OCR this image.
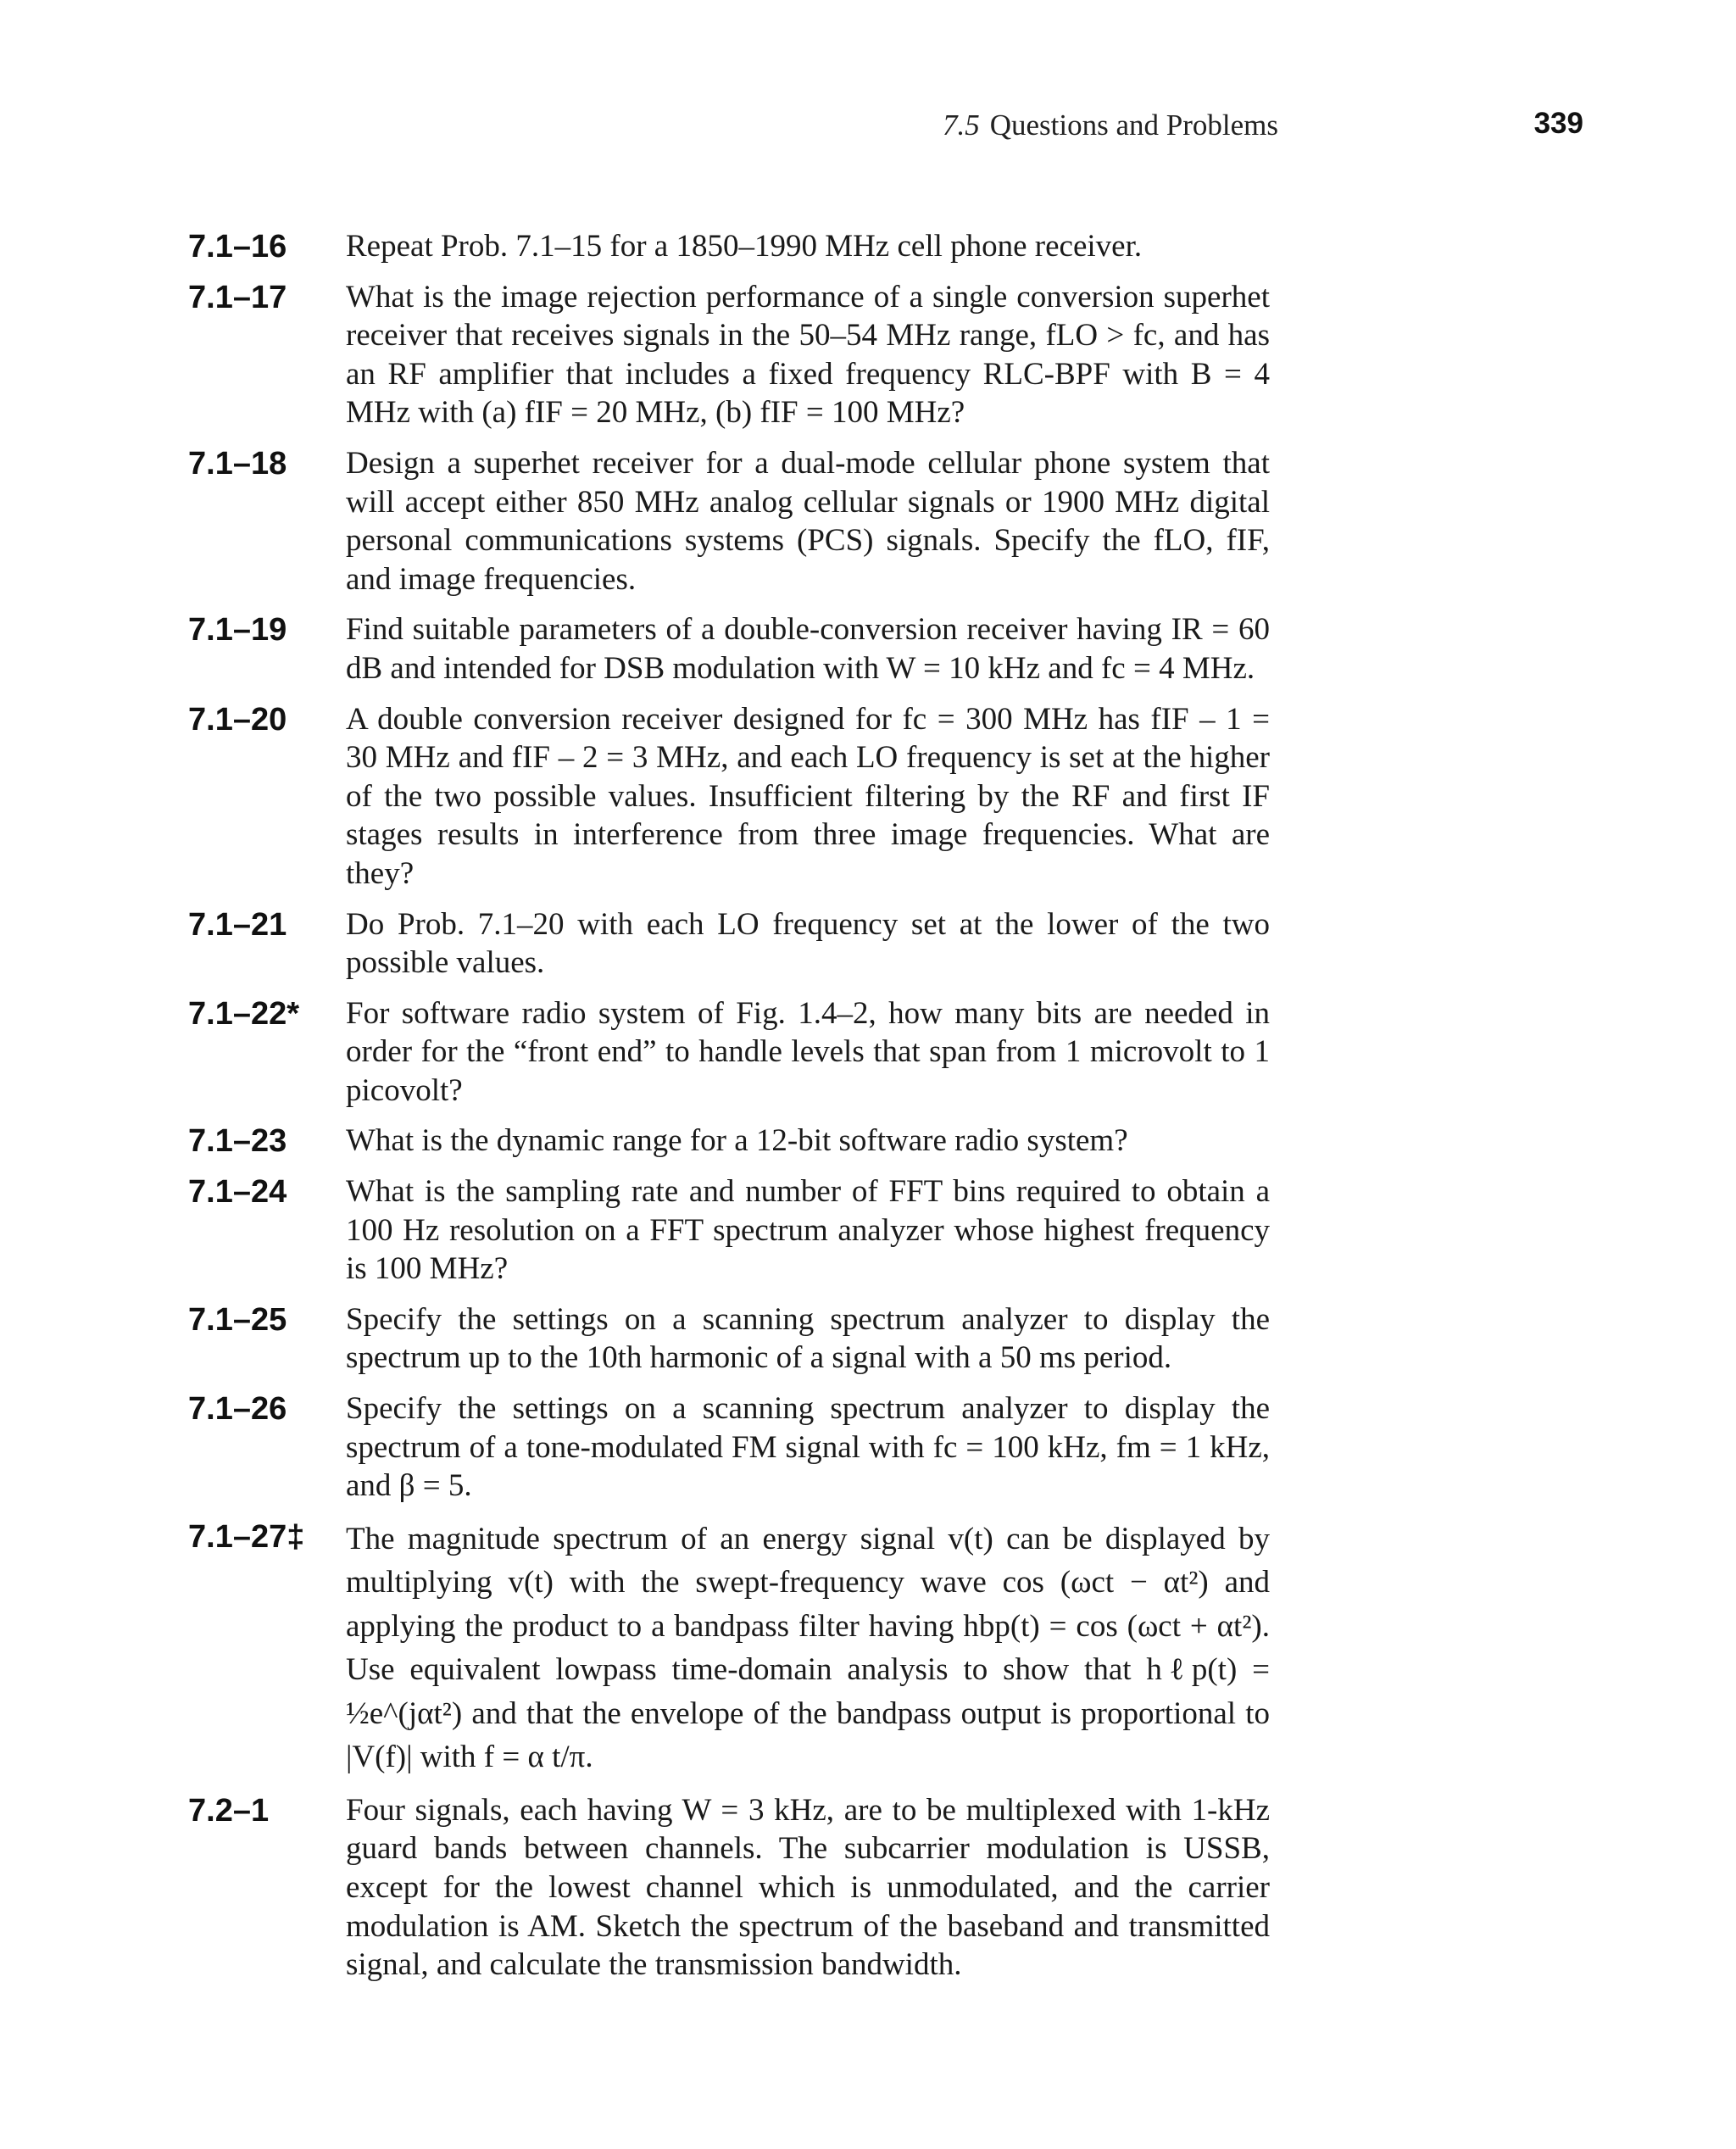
7.5 Questions and Problems	339
7.1–16 Repeat Prob. 7.1–15 for a 1850–1990 MHz cell phone receiver.
7.1–17 What is the image rejection performance of a single conversion superhet receiver that receives signals in the 50–54 MHz range, fLO > fc, and has an RF amplifier that includes a fixed frequency RLC-BPF with B = 4 MHz with (a) fIF = 20 MHz, (b) fIF = 100 MHz?
7.1–18 Design a superhet receiver for a dual-mode cellular phone system that will accept either 850 MHz analog cellular signals or 1900 MHz digital personal communications systems (PCS) signals. Specify the fLO, fIF, and image frequencies.
7.1–19 Find suitable parameters of a double-conversion receiver having IR = 60 dB and intended for DSB modulation with W = 10 kHz and fc = 4 MHz.
7.1–20 A double conversion receiver designed for fc = 300 MHz has fIF – 1 = 30 MHz and fIF – 2 = 3 MHz, and each LO frequency is set at the higher of the two possible values. Insufficient filtering by the RF and first IF stages results in interference from three image frequencies. What are they?
7.1–21 Do Prob. 7.1–20 with each LO frequency set at the lower of the two possible values.
7.1–22* For software radio system of Fig. 1.4–2, how many bits are needed in order for the “front end” to handle levels that span from 1 microvolt to 1 picovolt?
7.1–23 What is the dynamic range for a 12-bit software radio system?
7.1–24 What is the sampling rate and number of FFT bins required to obtain a 100 Hz resolution on a FFT spectrum analyzer whose highest frequency is 100 MHz?
7.1–25 Specify the settings on a scanning spectrum analyzer to display the spectrum up to the 10th harmonic of a signal with a 50 ms period.
7.1–26 Specify the settings on a scanning spectrum analyzer to display the spectrum of a tone-modulated FM signal with fc = 100 kHz, fm = 1 kHz, and β = 5.
7.1–27‡ The magnitude spectrum of an energy signal v(t) can be displayed by multiplying v(t) with the swept-frequency wave cos (ωct − αt²) and applying the product to a bandpass filter having hbp(t) = cos (ωct + αt²). Use equivalent lowpass time-domain analysis to show that hℓp(t) = ½e^(jαt²) and that the envelope of the bandpass output is proportional to |V(f)| with f = α t/π.
7.2–1 Four signals, each having W = 3 kHz, are to be multiplexed with 1-kHz guard bands between channels. The subcarrier modulation is USSB, except for the lowest channel which is unmodulated, and the carrier modulation is AM. Sketch the spectrum of the baseband and transmitted signal, and calculate the transmission bandwidth.
